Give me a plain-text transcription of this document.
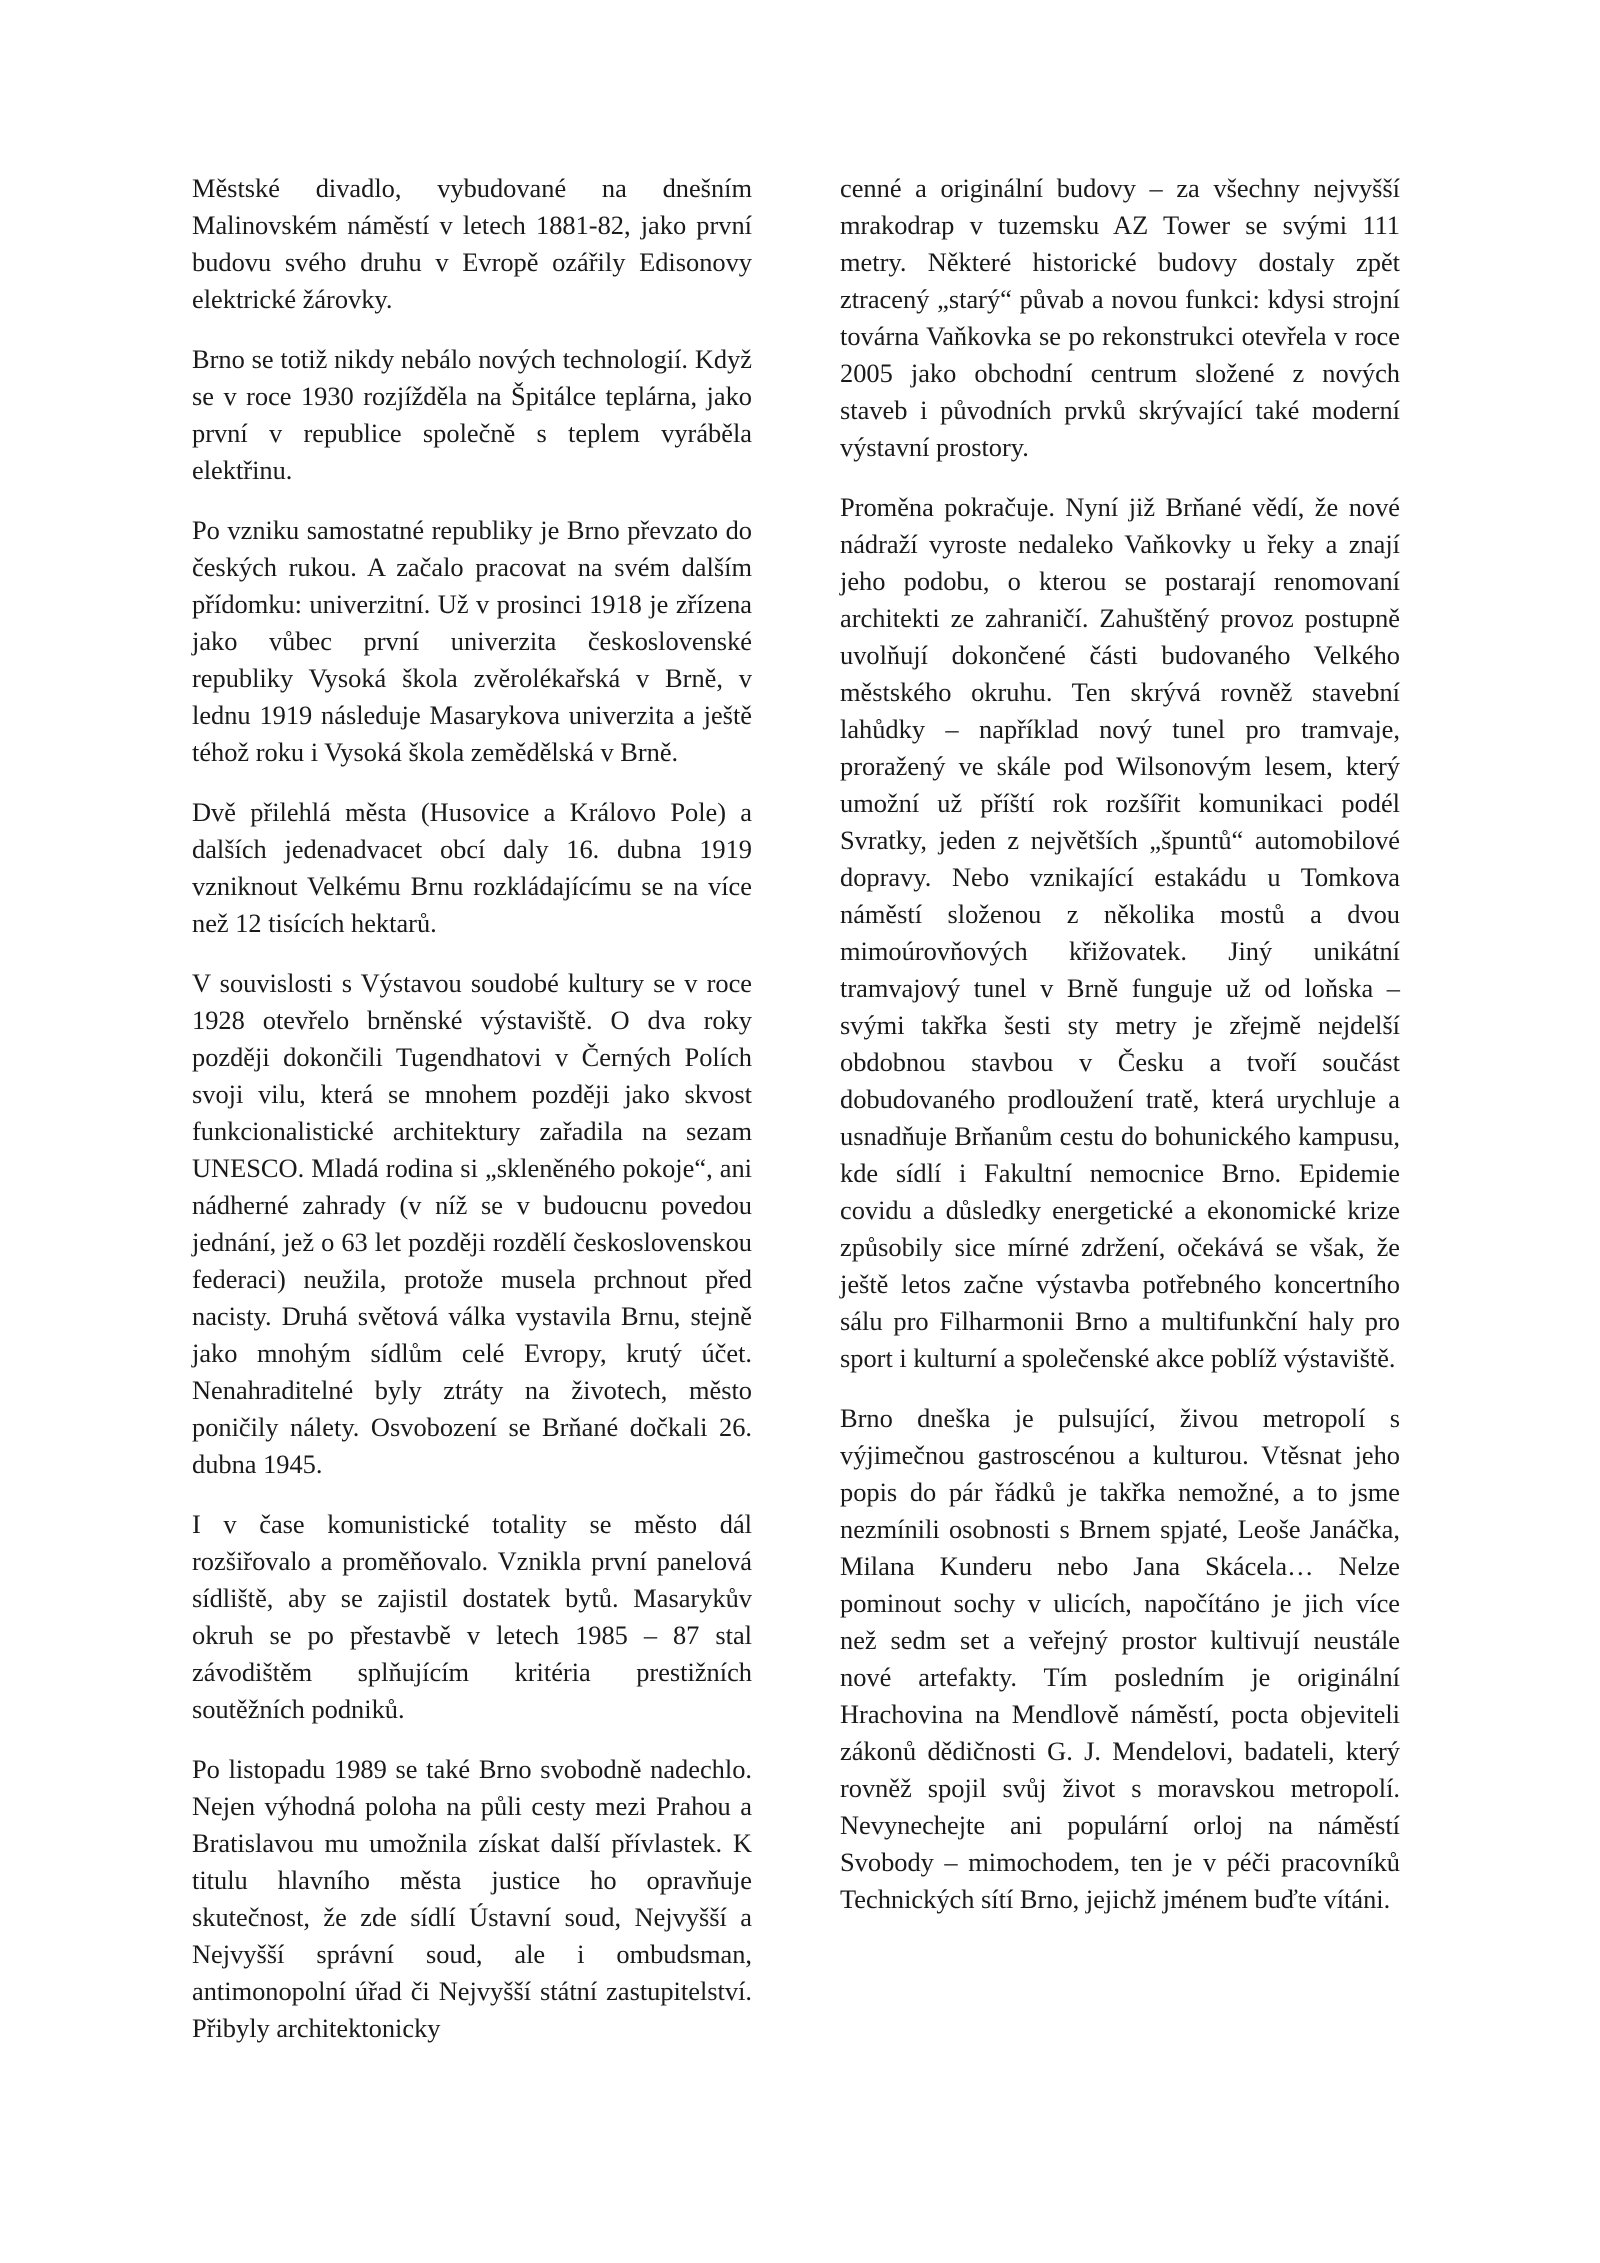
Městské divadlo, vybudované na dnešním Malinovském náměstí v letech 1881-82, jako první budovu svého druhu v Evropě ozářily Edisonovy elektrické žárovky.

Brno se totiž nikdy nebálo nových technologií. Když se v roce 1930 rozjížděla na Špitálce teplárna, jako první v republice společně s teplem vyráběla elektřinu.

Po vzniku samostatné republiky je Brno převzato do českých rukou. A začalo pracovat na svém dalším přídomku: univerzitní. Už v prosinci 1918 je zřízena jako vůbec první univerzita československé republiky Vysoká škola zvěrolékařská v Brně, v lednu 1919 následuje Masarykova univerzita a ještě téhož roku i Vysoká škola zemědělská v Brně.

Dvě přilehlá města (Husovice a Královo Pole) a dalších jedenadvacet obcí daly 16. dubna 1919 vzniknout Velkému Brnu rozkládajícímu se na více než 12 tisících hektarů.

V souvislosti s Výstavou soudobé kultury se v roce 1928 otevřelo brněnské výstaviště. O dva roky později dokončili Tugendhatovi v Černých Polích svoji vilu, která se mnohem později jako skvost funkcionalistické architektury zařadila na sezam UNESCO. Mladá rodina si „skleněného pokoje“, ani nádherné zahrady (v níž se v budoucnu povedou jednání, jež o 63 let později rozdělí československou federaci) neužila, protože musela prchnout před nacisty. Druhá světová válka vystavila Brnu, stejně jako mnohým sídlům celé Evropy, krutý účet. Nenahraditelné byly ztráty na životech, město poničily nálety. Osvobození se Brňané dočkali 26. dubna 1945.

I v čase komunistické totality se město dál rozšiřovalo a proměňovalo. Vznikla první panelová sídliště, aby se zajistil dostatek bytů. Masarykův okruh se po přestavbě v letech 1985 – 87 stal závodištěm splňujícím kritéria prestižních soutěžních podniků.

Po listopadu 1989 se také Brno svobodně nadechlo. Nejen výhodná poloha na půli cesty mezi Prahou a Bratislavou mu umožnila získat další přívlastek. K titulu hlavního města justice ho opravňuje skutečnost, že zde sídlí Ústavní soud, Nejvyšší a Nejvyšší správní soud, ale i ombudsman, antimonopolní úřad či Nejvyšší státní zastupitelství. Přibyly architektonicky

cenné a originální budovy – za všechny nejvyšší mrakodrap v tuzemsku AZ Tower se svými 111 metry. Některé historické budovy dostaly zpět ztracený „starý“ půvab a novou funkci: kdysi strojní továrna Vaňkovka se po rekonstrukci otevřela v roce 2005 jako obchodní centrum složené z nových staveb i původních prvků skrývající také moderní výstavní prostory.

Proměna pokračuje. Nyní již Brňané vědí, že nové nádraží vyroste nedaleko Vaňkovky u řeky a znají jeho podobu, o kterou se postarají renomovaní architekti ze zahraničí. Zahuštěný provoz postupně uvolňují dokončené části budovaného Velkého městského okruhu. Ten skrývá rovněž stavební lahůdky – například nový tunel pro tramvaje, proražený ve skále pod Wilsonovým lesem, který umožní už příští rok rozšířit komunikaci podél Svratky, jeden z největších „špuntů“ automobilové dopravy. Nebo vznikající estakádu u Tomkova náměstí složenou z několika mostů a dvou mimoúrovňových křižovatek. Jiný unikátní tramvajový tunel v Brně funguje už od loňska – svými takřka šesti sty metry je zřejmě nejdelší obdobnou stavbou v Česku a tvoří součást dobudovaného prodloužení tratě, která urychluje a usnadňuje Brňanům cestu do bohunického kampusu, kde sídlí i Fakultní nemocnice Brno. Epidemie covidu a důsledky energetické a ekonomické krize způsobily sice mírné zdržení, očekává se však, že ještě letos začne výstavba potřebného koncertního sálu pro Filharmonii Brno a multifunkční haly pro sport i kulturní a společenské akce poblíž výstaviště.

Brno dneška je pulsující, živou metropolí s výjimečnou gastroscénou a kulturou. Vtěsnat jeho popis do pár řádků je takřka nemožné, a to jsme nezmínili osobnosti s Brnem spjaté, Leoše Janáčka, Milana Kunderu nebo Jana Skácela… Nelze pominout sochy v ulicích, napočítáno je jich více než sedm set a veřejný prostor kultivují neustále nové artefakty. Tím posledním je originální Hrachovina na Mendlově náměstí, pocta objeviteli zákonů dědičnosti G. J. Mendelovi, badateli, který rovněž spojil svůj život s moravskou metropolí. Nevynechejte ani populární orloj na náměstí Svobody – mimochodem, ten je v péči pracovníků Technických sítí Brno, jejichž jménem buďte vítáni.
